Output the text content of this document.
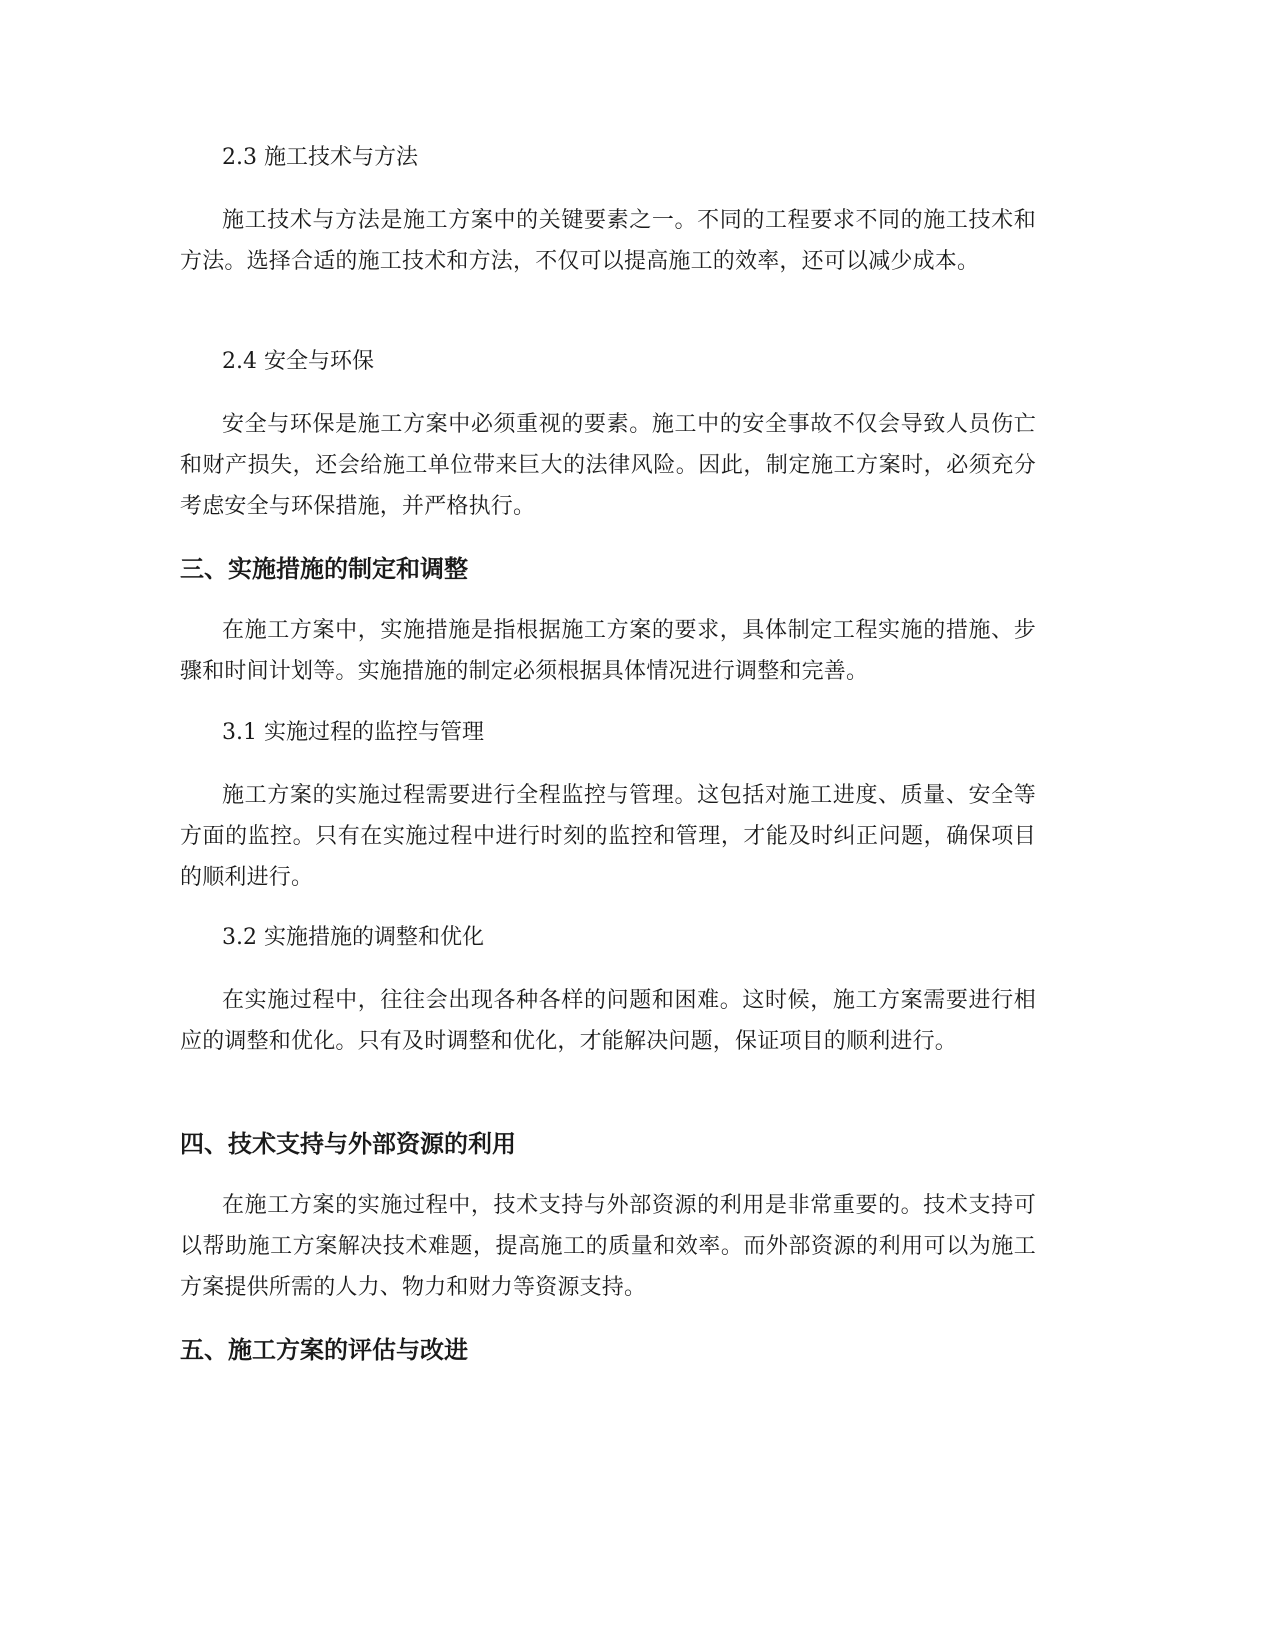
2.3 施工技术与方法

施工技术与方法是施工方案中的关键要素之一。不同的工程要求不同的施工技术和方法。选择合适的施工技术和方法，不仅可以提高施工的效率，还可以减少成本。

2.4 安全与环保

安全与环保是施工方案中必须重视的要素。施工中的安全事故不仅会导致人员伤亡和财产损失，还会给施工单位带来巨大的法律风险。因此，制定施工方案时，必须充分考虑安全与环保措施，并严格执行。

三、实施措施的制定和调整

在施工方案中，实施措施是指根据施工方案的要求，具体制定工程实施的措施、步骤和时间计划等。实施措施的制定必须根据具体情况进行调整和完善。

3.1 实施过程的监控与管理

施工方案的实施过程需要进行全程监控与管理。这包括对施工进度、质量、安全等方面的监控。只有在实施过程中进行时刻的监控和管理，才能及时纠正问题，确保项目的顺利进行。

3.2 实施措施的调整和优化

在实施过程中，往往会出现各种各样的问题和困难。这时候，施工方案需要进行相应的调整和优化。只有及时调整和优化，才能解决问题，保证项目的顺利进行。

四、技术支持与外部资源的利用

在施工方案的实施过程中，技术支持与外部资源的利用是非常重要的。技术支持可以帮助施工方案解决技术难题，提高施工的质量和效率。而外部资源的利用可以为施工方案提供所需的人力、物力和财力等资源支持。

五、施工方案的评估与改进
